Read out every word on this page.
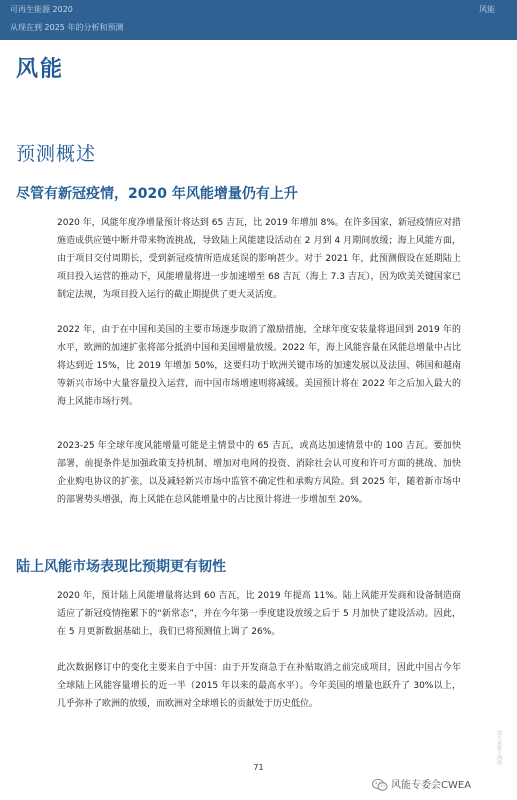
可再生能源 2020
从现在到 2025 年的分析和预测
风能
风能
预测概述
尽管有新冠疫情，2020 年风能增量仍有上升

2020 年，风能年度净增量预计将达到 65 吉瓦，比 2019 年增加 8%。在许多国家，新冠疫情应对措施造成供应链中断并带来物流挑战，导致陆上风能建设活动在 2 月到 4 月期间放缓；海上风能方面，由于项目交付周期长，受到新冠疫情所造成延误的影响甚少。对于 2021 年，此预测假设在延期陆上项目投入运营的推动下，风能增量将进一步加速增至 68 吉瓦（海上 7.3 吉瓦），因为欧美关键国家已制定法规，为项目投入运行的截止期提供了更大灵活度。

2022 年，由于在中国和美国的主要市场逐步取消了激励措施，全球年度安装量将退回到 2019 年的水平，欧洲的加速扩张将部分抵消中国和美国增量放缓。2022 年，海上风能容量在风能总增量中占比将达到近 15%，比 2019 年增加 50%，这要归功于欧洲关键市场的加速发展以及法国、韩国和越南等新兴市场中大量容量投入运营，而中国市场增速则将减缓。美国预计将在 2022 年之后加入最大的海上风能市场行列。

2023-25 年全球年度风能增量可能是主情景中的 65 吉瓦，或高达加速情景中的 100 吉瓦。要加快部署，前提条件是加强政策支持机制、增加对电网的投资、消除社会认可度和许可方面的挑战、加快企业购电协议的扩张，以及减轻新兴市场中监管不确定性和承购方风险。到 2025 年，随着新市场中的部署势头增强，海上风能在总风能增量中的占比预计将进一步增加至 20%。

陆上风能市场表现比预期更有韧性

2020 年，预计陆上风能增量将达到 60 吉瓦，比 2019 年提高 11%。陆上风能开发商和设备制造商适应了新冠疫情拖累下的“新常态”，并在今年第一季度建设放缓之后于 5 月加快了建设活动。因此，在 5 月更新数据基础上，我们已将预测值上调了 26%。

此次数据修订中的变化主要来自于中国：由于开发商急于在补贴取消之前完成项目，因此中国占今年全球陆上风能容量增长的近一半（2015 年以来的最高水平）。今年美国的增量也跃升了 30%以上，几乎弥补了欧洲的放缓，而欧洲对全球增长的贡献处于历史低位。

图片来源于网络
71
风能专委会CWEA
